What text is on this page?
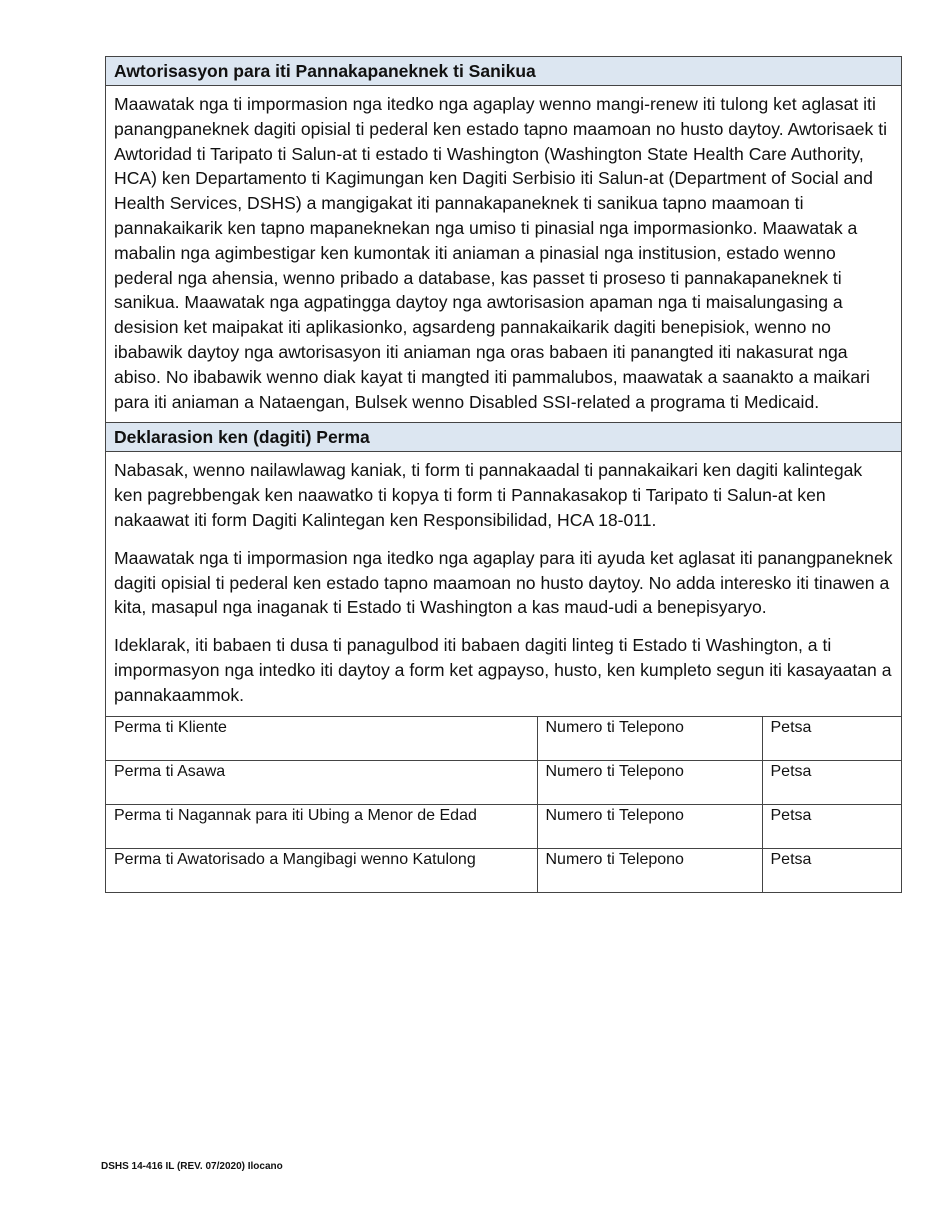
Awtorisasyon para iti Pannakapaneknek ti Sanikua

Maawatak nga ti impormasion nga itedko nga agaplay wenno mangi-renew iti tulong ket aglasat iti panangpaneknek dagiti opisial ti pederal ken estado tapno maamoan no husto daytoy. Awtorisaek ti Awtoridad ti Taripato ti Salun-at ti estado ti Washington (Washington State Health Care Authority, HCA) ken Departamento ti Kagimungan ken Dagiti Serbisio iti Salun-at (Department of Social and Health Services, DSHS) a mangigakat iti pannakapaneknek ti sanikua tapno maamoan ti pannakaikarik ken tapno mapaneknekan nga umiso ti pinasial nga impormasionko. Maawatak a mabalin nga agimbestigar ken kumontak iti aniaman a pinasial nga institusion, estado wenno pederal nga ahensia, wenno pribado a database, kas passet ti proseso ti pannakapaneknek ti sanikua. Maawatak nga agpatingga daytoy nga awtorisasion apaman nga ti maisalungasing a desision ket maipakat iti aplikasionko, agsardeng pannakaikarik dagiti benepisiok, wenno no ibabawik daytoy nga awtorisasyon iti aniaman nga oras babaen iti panangted iti nakasurat nga abiso. No ibabawik wenno diak kayat ti mangted iti pammalubos, maawatak a saanakto a maikari para iti aniaman a Nataengan, Bulsek wenno Disabled SSI-related a programa ti Medicaid.

Deklarasion ken (dagiti) Perma

Nabasak, wenno nailawlawag kaniak, ti form ti pannakaadal ti pannakaikari ken dagiti kalintegak ken pagrebbengak ken naawatko ti kopya ti form ti Pannakasakop ti Taripato ti Salun-at ken nakaawat iti form Dagiti Kalintegan ken Responsibilidad, HCA 18-011.

Maawatak nga ti impormasion nga itedko nga agaplay para iti ayuda ket aglasat iti panangpaneknek dagiti opisial ti pederal ken estado tapno maamoan no husto daytoy. No adda interesko iti tinawen a kita, masapul nga inaganak ti Estado ti Washington a kas maud-udi a benepisyaryo.

Ideklarak, iti babaen ti dusa ti panagulbod iti babaen dagiti linteg ti Estado ti Washington, a ti impormasyon nga intedko iti daytoy a form ket agpayso, husto, ken kumpleto segun iti kasayaatan a pannakaammok.

Perma ti Kliente	Numero ti Telepono	Petsa
Perma ti Asawa	Numero ti Telepono	Petsa
Perma ti Nagannak para iti Ubing a Menor de Edad	Numero ti Telepono	Petsa
Perma ti Awatorisado a Mangibagi wenno Katulong	Numero ti Telepono	Petsa
DSHS 14-416 IL (REV. 07/2020) Ilocano
